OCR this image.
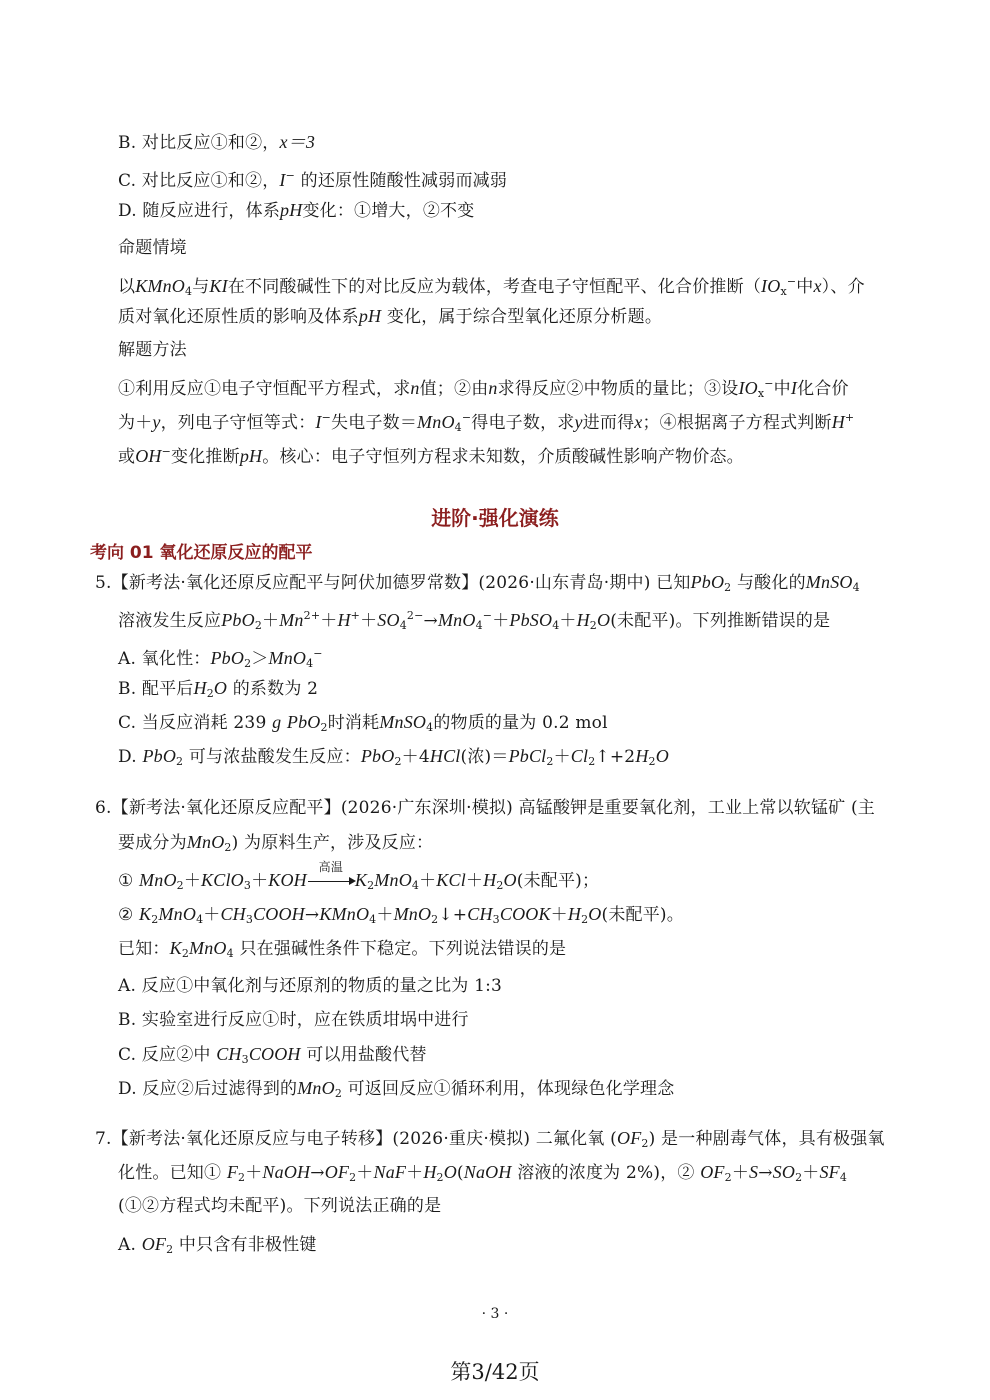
B. 对比反应①和②，x＝3
C. 对比反应①和②，I− 的还原性随酸性减弱而减弱
D. 随反应进行，体系pH变化：①增大，②不变
命题情境
以KMnO$_4$与KI在不同酸碱性下的对比反应为载体，考查电子守恒配平、化合价推断（$IO_x^-$中x）、介
质对氧化还原性质的影响及体系pH 变化，属于综合型氧化还原分析题。
解题方法
①利用反应①电子守恒配平方程式，求n值；②由n求得反应②中物质的量比；③设$IO_x^-$中I化合价
为＋y，列电子守恒等式：I−失电子数＝MnO$_4$−得电子数，求y进而得x；④根据离子方程式判断H+
或OH−变化推断pH。核心：电子守恒列方程求未知数，介质酸碱性影响产物价态。
进阶·强化演练
考向 01 氧化还原反应的配平
5.【新考法·氧化还原反应配平与阿伏加德罗常数】(2026·山东青岛·期中) 已知PbO$_2$ 与酸化的MnSO$_4$
溶液发生反应$PbO_2+Mn^{2+}+H^++SO_4^{2-}\to MnO_4^-+PbSO_4+H_2O$(未配平)。下列推断错误的是
A. 氧化性：PbO$_2$＞MnO$_4$−
B. 配平后$H_2O$ 的系数为 2
C. 当反应消耗 239 g PbO$_2$时消耗MnSO$_4$的物质的量为 0.2 mol
D. PbO$_2$ 可与浓盐酸发生反应：PbO$_2$＋4HCl(浓)$=PbCl_2+Cl_2↑+2H_2O$
6.【新考法·氧化还原反应配平】(2026·广东深圳·模拟) 高锰酸钾是重要氧化剂，工业上常以软锰矿 (主
要成分为MnO$_2$) 为原料生产，涉及反应：
① MnO$_2$＋KClO$_3$＋KOH
高温
$K_2MnO_4+KCl+H_2O$(未配平)；
② $K_2MnO_4+CH_3COOH\to KMnO_4+MnO_2↓+CH_3COOK+H_2O$(未配平)。
已知：$K_2MnO_4$ 只在强碱性条件下稳定。下列说法错误的是
A. 反应①中氧化剂与还原剂的物质的量之比为 1:3
B. 实验室进行反应①时，应在铁质坩埚中进行
C. 反应②中 $CH_3COOH$ 可以用盐酸代替
D. 反应②后过滤得到的MnO$_2$ 可返回反应①循环利用，体现绿色化学理念
7.【新考法·氧化还原反应与电子转移】(2026·重庆·模拟) 二氟化氧 $(OF_2)$ 是一种剧毒气体，具有极强氧
化性。已知① $F_2+NaOH\to OF_2+NaF+H_2O(NaOH$ 溶液的浓度为 2%)，② $OF_2+S\to SO_2+SF_4$
(①②方程式均未配平)。下列说法正确的是
A. $OF_2$ 中只含有非极性键
· 3 ·
第3/42页
